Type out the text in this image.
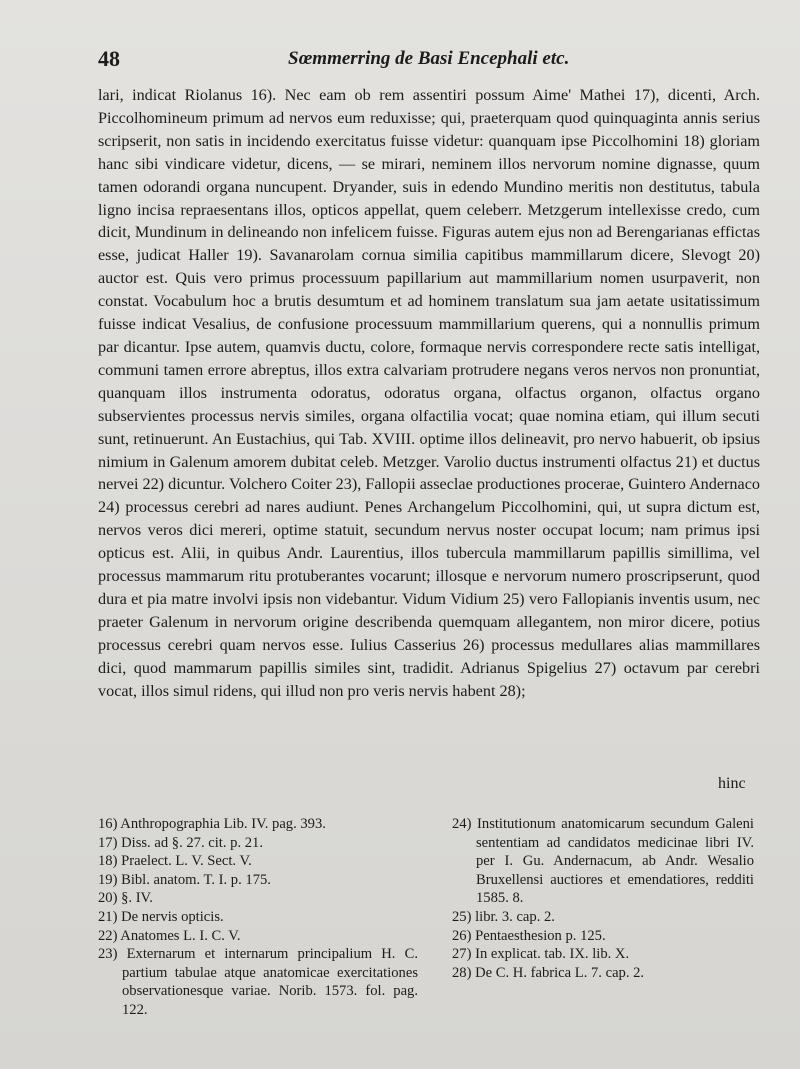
48	Sœmmerring de Basi Encephali etc.

lari, indicat Riolanus 16). Nec eam ob rem assentiri possum Aime' Mathei 17), dicenti, Arch. Piccolhomineum primum ad nervos eum reduxisse; qui, praeterquam quod quinquaginta annis serius scripserit, non satis in incidendo exercitatus fuisse videtur: quanquam ipse Piccolhomini 18) gloriam hanc sibi vindicare videtur, dicens, — se mirari, neminem illos nervorum nomine dignasse, quum tamen odorandi organa nuncupent. Dryander, suis in edendo Mundino meritis non destitutus, tabula ligno incisa repraesentans illos, opticos appellat, quem celeberr. Metzgerum intellexisse credo, cum dicit, Mundinum in delineando non infelicem fuisse. Figuras autem ejus non ad Berengarianas effictas esse, judicat Haller 19). Savanarolam cornua similia capitibus mammillarum dicere, Slevogt 20) auctor est. Quis vero primus processuum papillarium aut mammillarium nomen usurpaverit, non constat. Vocabulum hoc a brutis desumtum et ad hominem translatum sua jam aetate usitatissimum fuisse indicat Vesalius, de confusione processuum mammillarium querens, qui a nonnullis primum par dicantur. Ipse autem, quamvis ductu, colore, formaque nervis correspondere recte satis intelligat, communi tamen errore abreptus, illos extra calvariam protrudere negans veros nervos non pronuntiat, quanquam illos instrumenta odoratus, odoratus organa, olfactus organon, olfactus organo subservientes processus nervis similes, organa olfactilia vocat; quae nomina etiam, qui illum secuti sunt, retinuerunt. An Eustachius, qui Tab. XVIII. optime illos delineavit, pro nervo habuerit, ob ipsius nimium in Galenum amorem dubitat celeb. Metzger. Varolio ductus instrumenti olfactus 21) et ductus nervei 22) dicuntur. Volchero Coiter 23), Fallopii asseclae productiones procerae, Guintero Andernaco 24) processus cerebri ad nares audiunt. Penes Archangelum Piccolhomini, qui, ut supra dictum est, nervos veros dici mereri, optime statuit, secundum nervus noster occupat locum; nam primus ipsi opticus est. Alii, in quibus Andr. Laurentius, illos tubercula mammillarum papillis simillima, vel processus mammarum ritu protuberantes vocarunt; illosque e nervorum numero proscripserunt, quod dura et pia matre involvi ipsis non videbantur. Vidum Vidium 25) vero Fallopianis inventis usum, nec praeter Galenum in nervorum origine describenda quemquam allegantem, non miror dicere, potius processus cerebri quam nervos esse. Iulius Casserius 26) processus medullares alias mammillares dici, quod mammarum papillis similes sint, tradidit. Adrianus Spigelius 27) octavum par cerebri vocat, illos simul ridens, qui illud non pro veris nervis habent 28);

hinc
16) Anthropographia Lib. IV. pag. 393.
17) Diss. ad §. 27. cit. p. 21.
18) Praelect. L. V. Sect. V.
19) Bibl. anatom. T. I. p. 175.
20) §. IV.
21) De nervis opticis.
22) Anatomes L. I. C. V.
23) Externarum et internarum principalium H. C. partium tabulae atque anatomicae exercitationes observationesque variae. Norib. 1573. fol. pag. 122.
24) Institutionum anatomicarum secundum Galeni sententiam ad candidatos medicinae libri IV. per I. Gu. Andernacum, ab Andr. Wesalio Bruxellensi auctiores et emendatiores, redditi 1585. 8.
25) libr. 3. cap. 2.
26) Pentaesthesion p. 125.
27) In explicat. tab. IX. lib. X.
28) De C. H. fabrica L. 7. cap. 2.
